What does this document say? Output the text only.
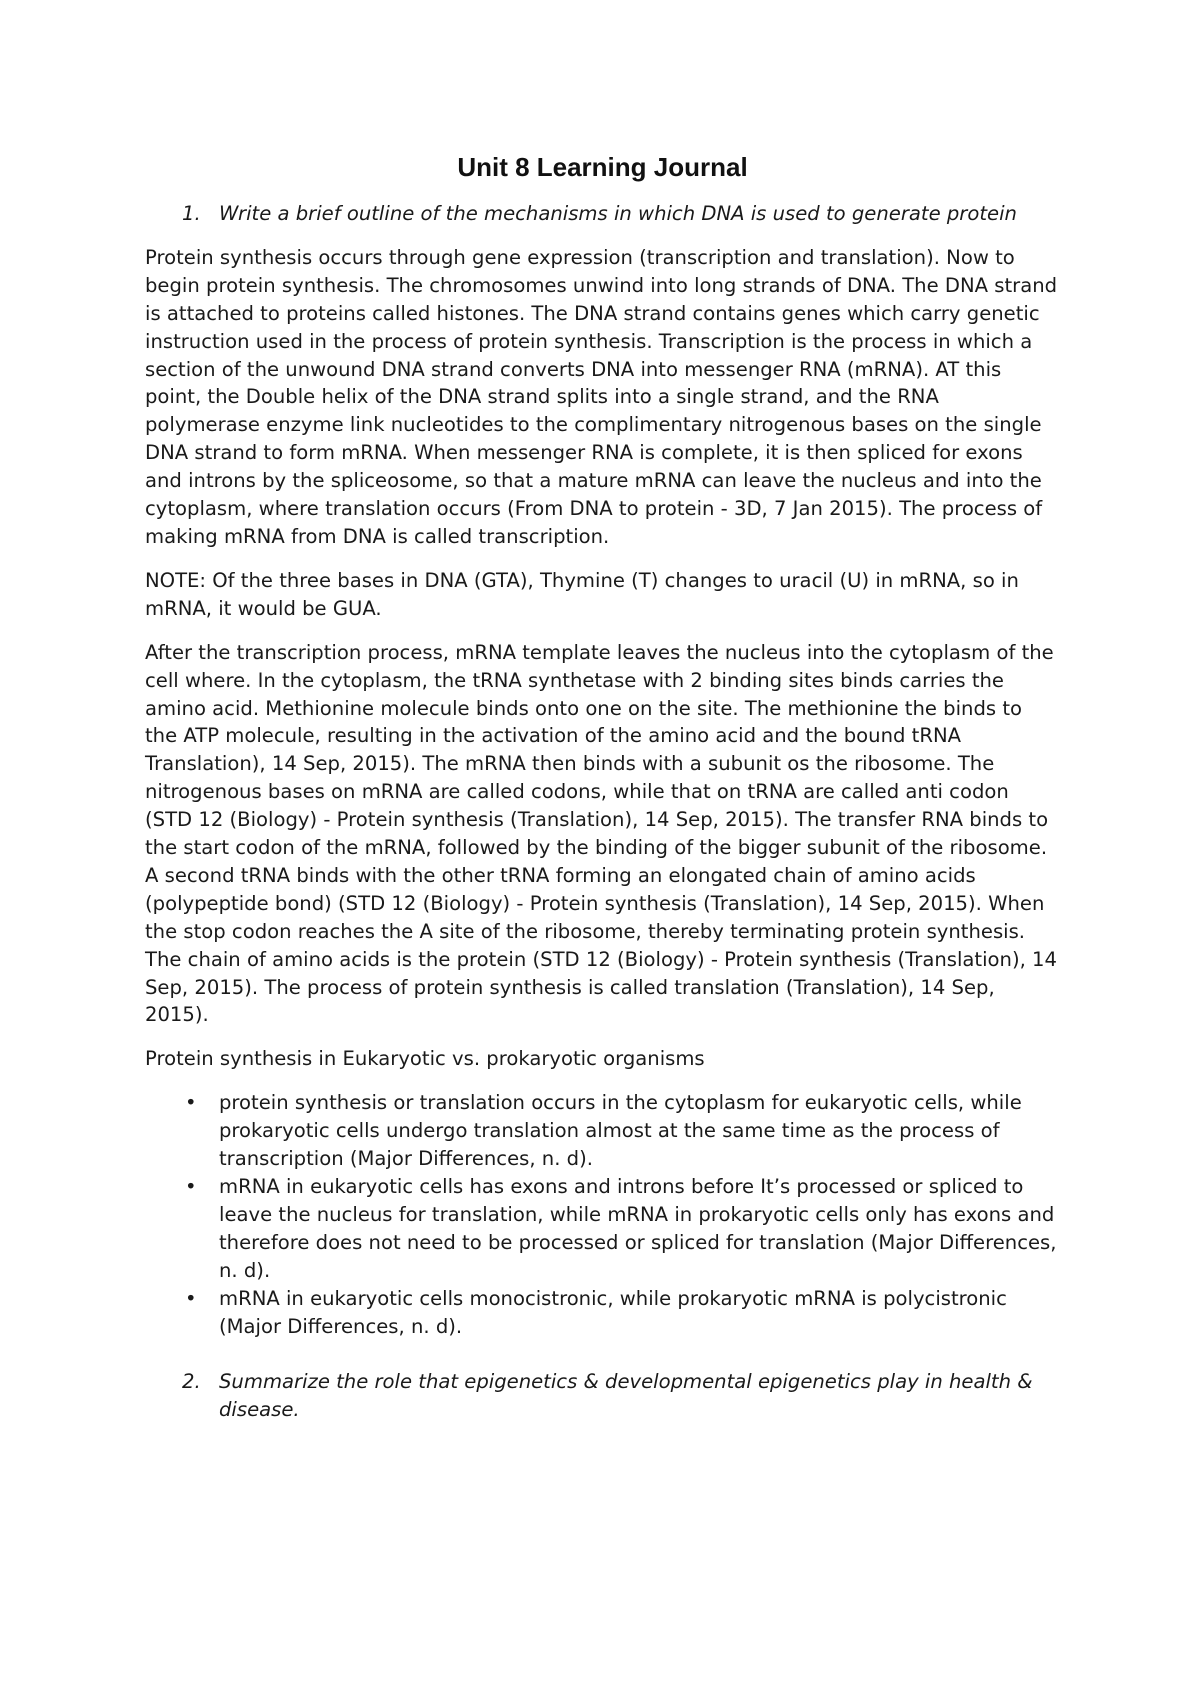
Unit 8 Learning Journal
1. Write a brief outline of the mechanisms in which DNA is used to generate protein

Protein synthesis occurs through gene expression (transcription and translation). Now to begin protein synthesis. The chromosomes unwind into long strands of DNA. The DNA strand is attached to proteins called histones. The DNA strand contains genes which carry genetic instruction used in the process of protein synthesis. Transcription is the process in which a section of the unwound DNA strand converts DNA into messenger RNA (mRNA). AT this point, the Double helix of the DNA strand splits into a single strand, and the RNA polymerase enzyme link nucleotides to the complimentary nitrogenous bases on the single DNA strand to form mRNA. When messenger RNA is complete, it is then spliced for exons and introns by the spliceosome, so that a mature mRNA can leave the nucleus and into the cytoplasm, where translation occurs (From DNA to protein - 3D, 7 Jan 2015). The process of making mRNA from DNA is called transcription.

NOTE: Of the three bases in DNA (GTA), Thymine (T) changes to uracil (U) in mRNA, so in mRNA, it would be GUA.

After the transcription process, mRNA template leaves the nucleus into the cytoplasm of the cell where. In the cytoplasm, the tRNA synthetase with 2 binding sites binds carries the amino acid. Methionine molecule binds onto one on the site. The methionine the binds to the ATP molecule, resulting in the activation of the amino acid and the bound tRNA Translation), 14 Sep, 2015). The mRNA then binds with a subunit os the ribosome. The nitrogenous bases on mRNA are called codons, while that on tRNA are called anti codon (STD 12 (Biology) - Protein synthesis (Translation), 14 Sep, 2015). The transfer RNA binds to the start codon of the mRNA, followed by the binding of the bigger subunit of the ribosome. A second tRNA binds with the other tRNA forming an elongated chain of amino acids (polypeptide bond) (STD 12 (Biology) - Protein synthesis (Translation), 14 Sep, 2015). When the stop codon reaches the A site of the ribosome, thereby terminating protein synthesis. The chain of amino acids is the protein (STD 12 (Biology) - Protein synthesis (Translation), 14 Sep, 2015). The process of protein synthesis is called translation (Translation), 14 Sep, 2015).

Protein synthesis in Eukaryotic vs. prokaryotic organisms

•	protein synthesis or translation occurs in the cytoplasm for eukaryotic cells, while prokaryotic cells undergo translation almost at the same time as the process of transcription (Major Differences, n. d).
•	mRNA in eukaryotic cells has exons and introns before It’s processed or spliced to leave the nucleus for translation, while mRNA in prokaryotic cells only has exons and therefore does not need to be processed or spliced for translation (Major Differences, n. d).
•	mRNA in eukaryotic cells monocistronic, while prokaryotic mRNA is polycistronic (Major Differences, n. d).
2. Summarize the role that epigenetics & developmental epigenetics play in health & disease.
